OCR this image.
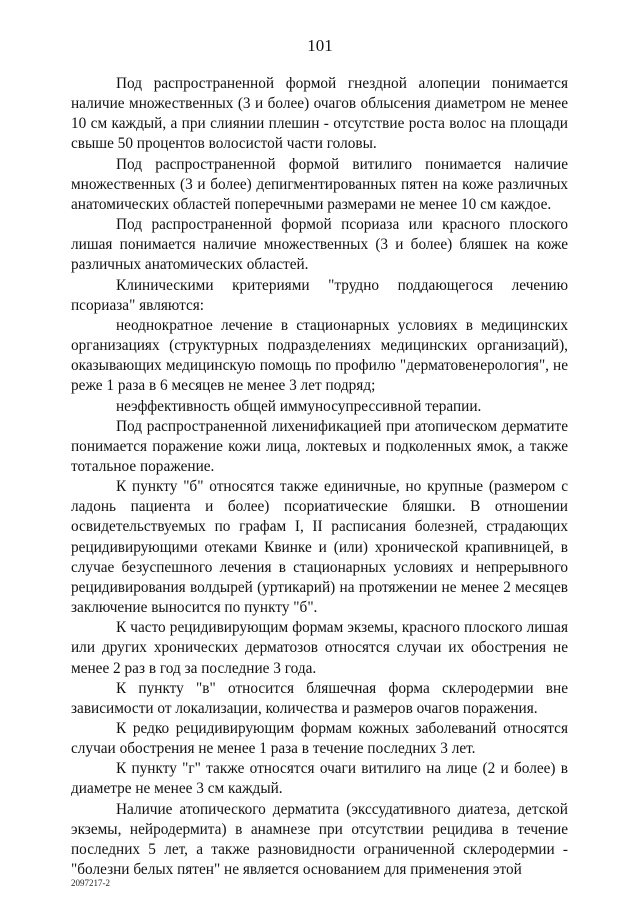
101

Под распространенной формой гнездной алопеции понимается наличие множественных (3 и более) очагов облысения диаметром не менее 10 см каждый, а при слиянии плешин - отсутствие роста волос на площади свыше 50 процентов волосистой части головы.

Под распространенной формой витилиго понимается наличие множественных (3 и более) депигментированных пятен на коже различных анатомических областей поперечными размерами не менее 10 см каждое.

Под распространенной формой псориаза или красного плоского лишая понимается наличие множественных (3 и более) бляшек на коже различных анатомических областей.

Клиническими критериями "трудно поддающегося лечению псориаза" являются:

неоднократное лечение в стационарных условиях в медицинских организациях (структурных подразделениях медицинских организаций), оказывающих медицинскую помощь по профилю "дерматовенерология", не реже 1 раза в 6 месяцев не менее 3 лет подряд;

неэффективность общей иммуносупрессивной терапии.

Под распространенной лихенификацией при атопическом дерматите понимается поражение кожи лица, локтевых и подколенных ямок, а также тотальное поражение.

К пункту "б" относятся также единичные, но крупные (размером с ладонь пациента и более) псориатические бляшки. В отношении освидетельствуемых по графам I, II расписания болезней, страдающих рецидивирующими отеками Квинке и (или) хронической крапивницей, в случае безуспешного лечения в стационарных условиях и непрерывного рецидивирования волдырей (уртикарий) на протяжении не менее 2 месяцев заключение выносится по пункту "б".

К часто рецидивирующим формам экземы, красного плоского лишая или других хронических дерматозов относятся случаи их обострения не менее 2 раз в год за последние 3 года.

К пункту "в" относится бляшечная форма склеродермии вне зависимости от локализации, количества и размеров очагов поражения.

К редко рецидивирующим формам кожных заболеваний относятся случаи обострения не менее 1 раза в течение последних 3 лет.

К пункту "г" также относятся очаги витилиго на лице (2 и более) в диаметре не менее 3 см каждый.

Наличие атопического дерматита (экссудативного диатеза, детской экземы, нейродермита) в анамнезе при отсутствии рецидива в течение последних 5 лет, а также разновидности ограниченной склеродермии - "болезни белых пятен" не является основанием для применения этой

2097217-2
